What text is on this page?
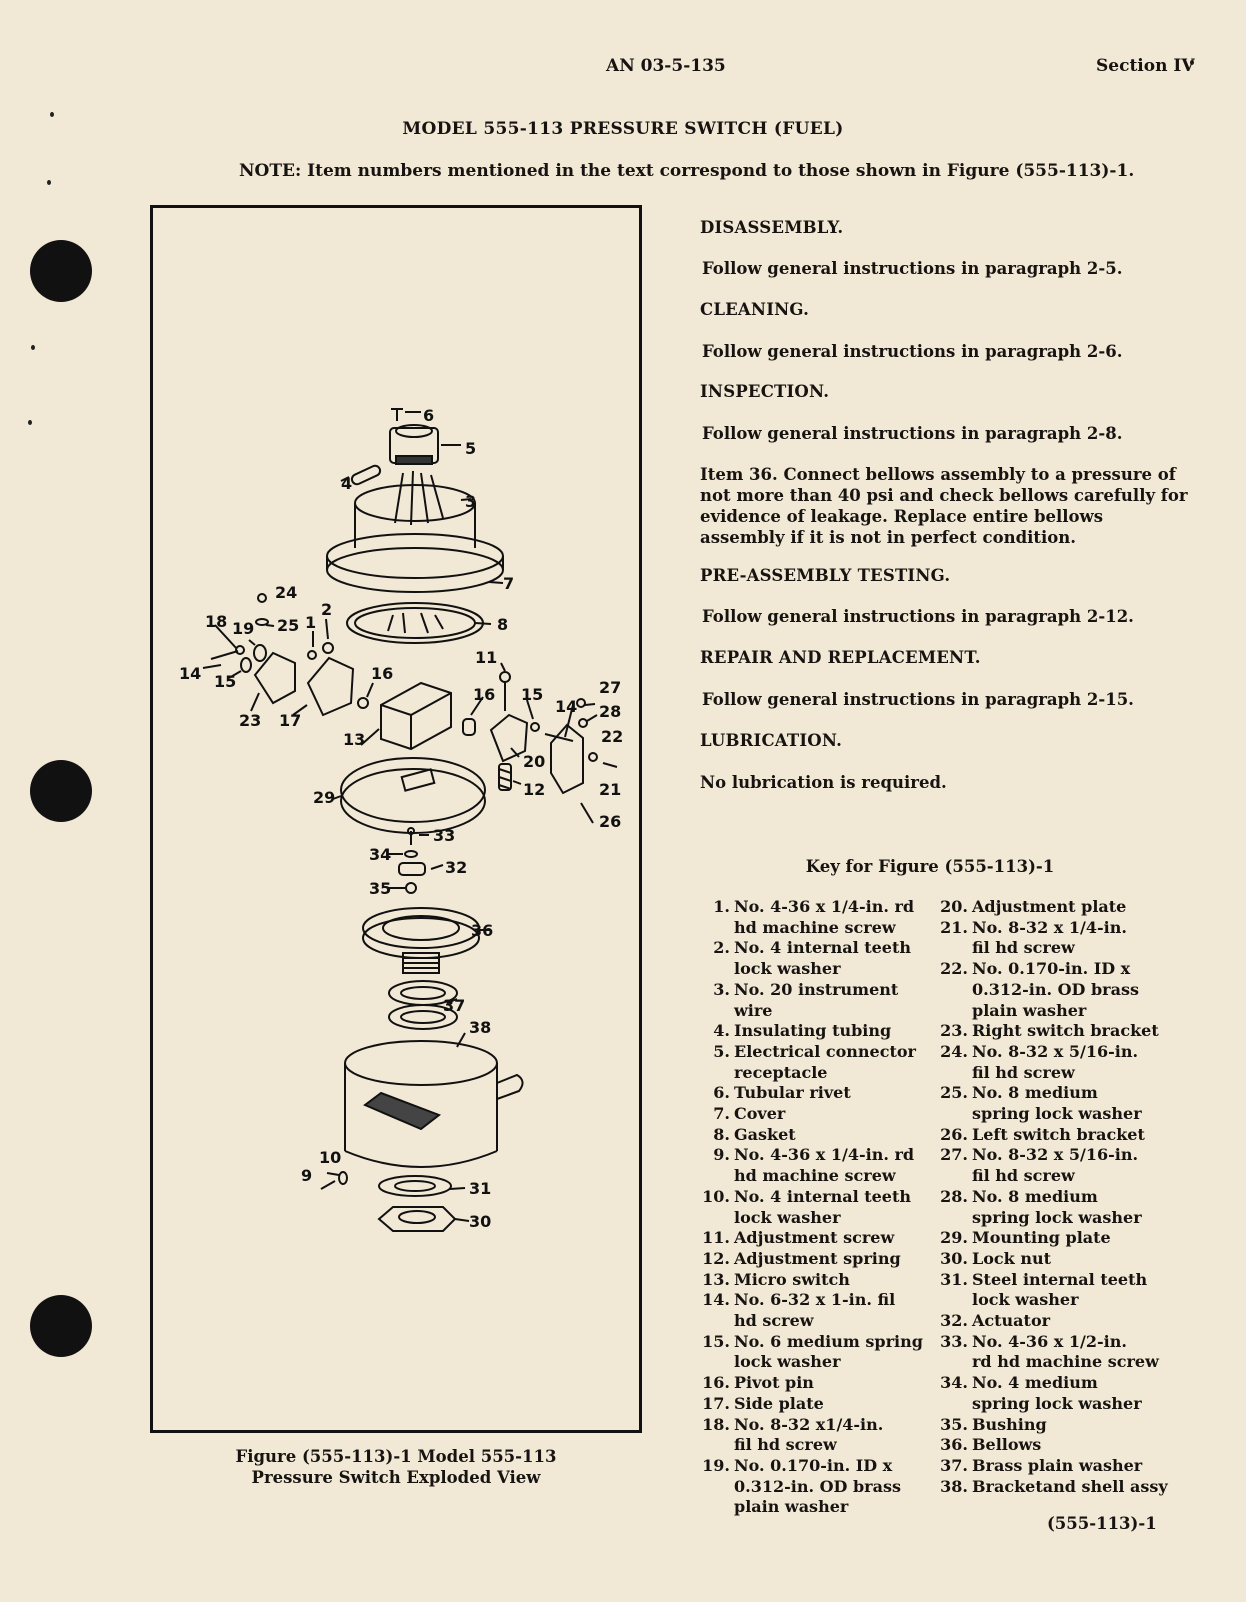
AN 03-5-135	Section IV
MODEL 555-113 PRESSURE SWITCH (FUEL)
NOTE: Item numbers mentioned in the text correspond to those shown in Figure (555-113)-1.
6
5
4
3
7
8
24
25
2
1
18 19
14 15
23 17
16
13
11
16 15
14
27
28
22
20
12	21
29
26
33
34
32
35
36
37
38
10
9
31
30
Figure (555-113)-1 Model 555-113
Pressure Switch Exploded View
DISASSEMBLY.
Follow general instructions in paragraph 2-5.
CLEANING.
Follow general instructions in paragraph 2-6.
INSPECTION.
Follow general instructions in paragraph 2-8.
Item 36. Connect bellows assembly to a pressure of not more than 40 psi and check bellows carefully for evidence of leakage. Replace entire bellows assembly if it is not in perfect condition.
PRE-ASSEMBLY TESTING.
Follow general instructions in paragraph 2-12.
REPAIR AND REPLACEMENT.
Follow general instructions in paragraph 2-15.
LUBRICATION.
No lubrication is required.
Key for Figure (555-113)-1
1. No. 4-36 x 1/4-in. rd
hd machine screw
2. No. 4 internal teeth
lock washer
3. No. 20 instrument wire
4. Insulating tubing
5. Electrical connector
receptacle
6. Tubular rivet
7. Cover
8. Gasket
9. No. 4-36 x 1/4-in. rd
hd machine screw
10. No. 4 internal teeth
lock washer
11. Adjustment screw
12. Adjustment spring
13. Micro switch
14. No. 6-32 x 1-in. fil
hd screw
15. No. 6 medium spring
lock washer
16. Pivot pin
17. Side plate
18. No. 8-32 x1/4-in.
fil hd screw
19. No. 0.170-in. ID x
0.312-in. OD brass
plain washer
20. Adjustment plate
21. No. 8-32 x 1/4-in.
fil hd screw
22. No. 0.170-in. ID x
0.312-in. OD brass
plain washer
23. Right switch bracket
24. No. 8-32 x 5/16-in.
fil hd screw
25. No. 8 medium
spring lock washer
26. Left switch bracket
27. No. 8-32 x 5/16-in.
fil hd screw
28. No. 8 medium
spring lock washer
29. Mounting plate
30. Lock nut
31. Steel internal teeth
lock washer
32. Actuator
33. No. 4-36 x 1/2-in.
rd hd machine screw
34. No. 4 medium
spring lock washer
35. Bushing
36. Bellows
37. Brass plain washer
38. Bracketand shell assy
(555-113)-1
